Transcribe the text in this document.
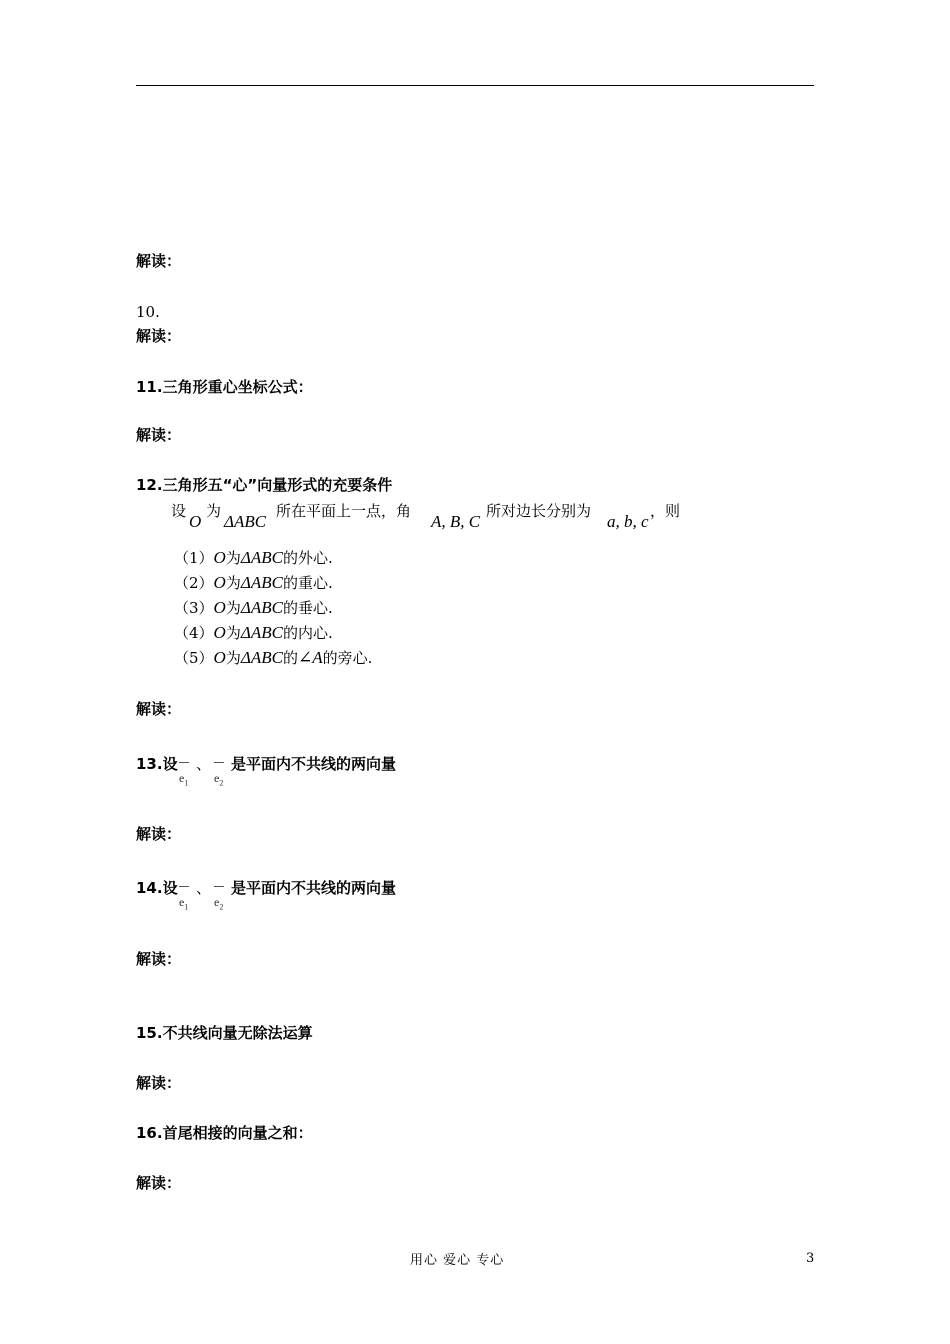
解读：
10.
解读：
11.三角形重心坐标公式：
解读：
12.三角形五“心”向量形式的充要条件
设
O
为
ΔABC
所在平面上一点，角
A, B, C
所对边长分别为
a, b, c
，则
（1）O为ΔABC的外心.
（2）O为ΔABC的重心.
（3）O为ΔABC的垂心.
（4）O为ΔABC的内心.
（5）O为ΔABC的∠A的旁心.
解读：
13.设
$e_1$
、
$e_2$
是平面内不共线的两向量
解读：
14.设
$e_1$
、
$e_2$
是平面内不共线的两向量
解读：
15.不共线向量无除法运算
解读：
16.首尾相接的向量之和：
解读：
用心 爱心 专心	3
